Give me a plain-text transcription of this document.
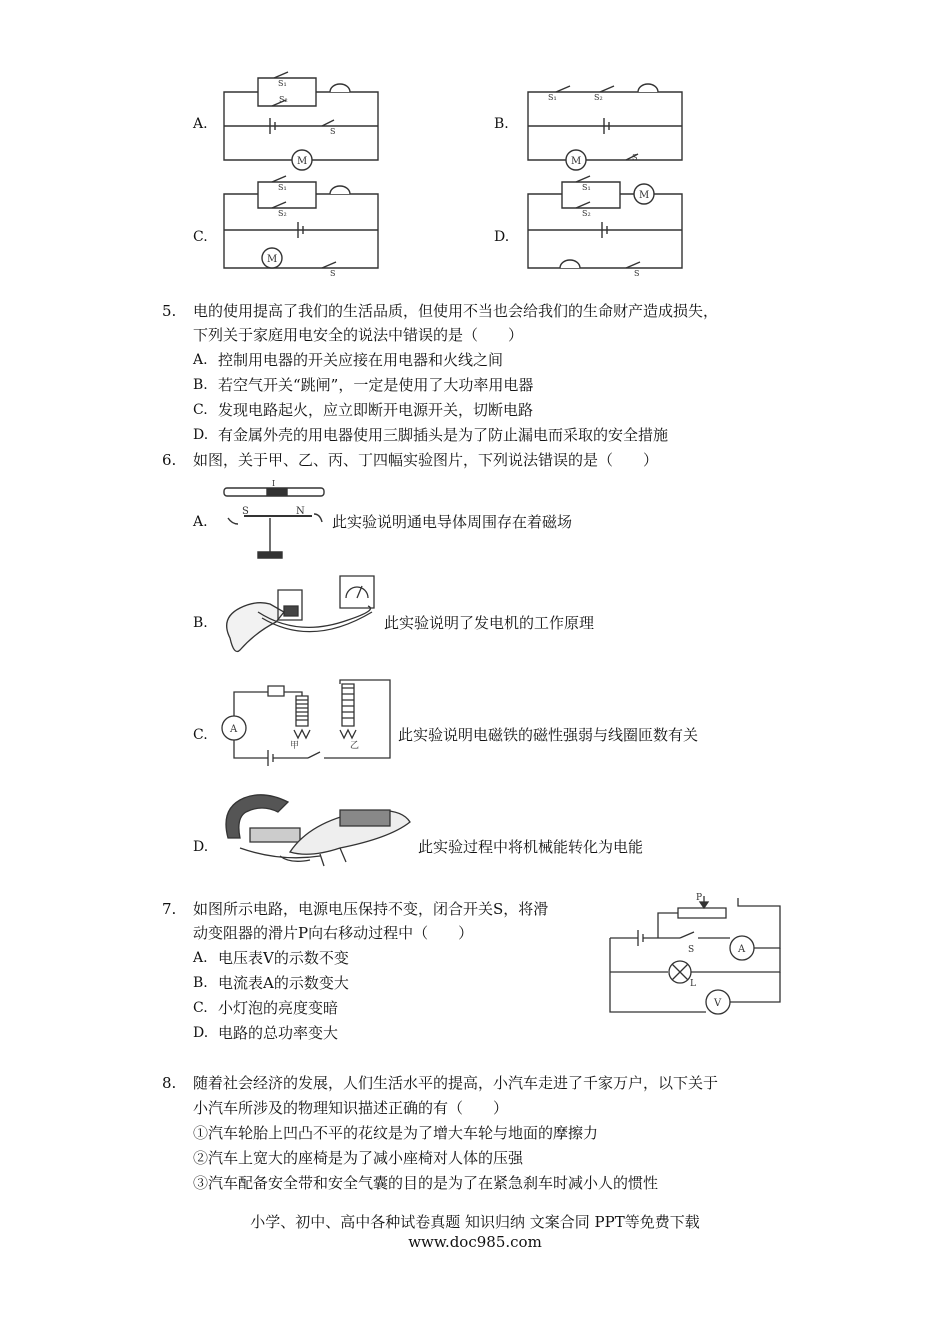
A.
M
S₂
S₁
S	B.
M
S₁	S₂
S
C.
M
S₁
S₂
S
D.
M
S₁
S₂
S
5. 电的使用提高了我们的生活品质，但使用不当也会给我们的生命财产造成损失，
下列关于家庭用电安全的说法中错误的是（　　）
A. 控制用电器的开关应接在用电器和火线之间
B. 若空气开关“跳闸”，一定是使用了大功率用电器
C. 发现电路起火，应立即断开电源开关，切断电路
D. 有金属外壳的用电器使用三脚插头是为了防止漏电而采取的安全措施
6. 如图，关于甲、乙、丙、丁四幅实验图片，下列说法错误的是（　　）
A.
I
S	N
此实验说明通电导体周围存在着磁场
B.	此实验说明了发电机的工作原理
C. A
甲	乙
此实验说明电磁铁的磁性强弱与线圈匝数有关
D.	此实验过程中将机械能转化为电能
7. 如图所示电路，电源电压保持不变，闭合开关S，将滑
动变阻器的滑片P向右移动过程中（　　）
A. 电压表V的示数不变
B. 电流表A的示数变大
C. 小灯泡的亮度变暗
D. 电路的总功率变大
S	A
P
L
V
8. 随着社会经济的发展，人们生活水平的提高，小汽车走进了千家万户，以下关于
小汽车所涉及的物理知识描述正确的有（　　）
①汽车轮胎上凹凸不平的花纹是为了增大车轮与地面的摩擦力
②汽车上宽大的座椅是为了减小座椅对人体的压强
③汽车配备安全带和安全气囊的目的是为了在紧急刹车时减小人的惯性
小学、初中、高中各种试卷真题 知识归纳 文案合同 PPT等免费下载
www.doc985.com
